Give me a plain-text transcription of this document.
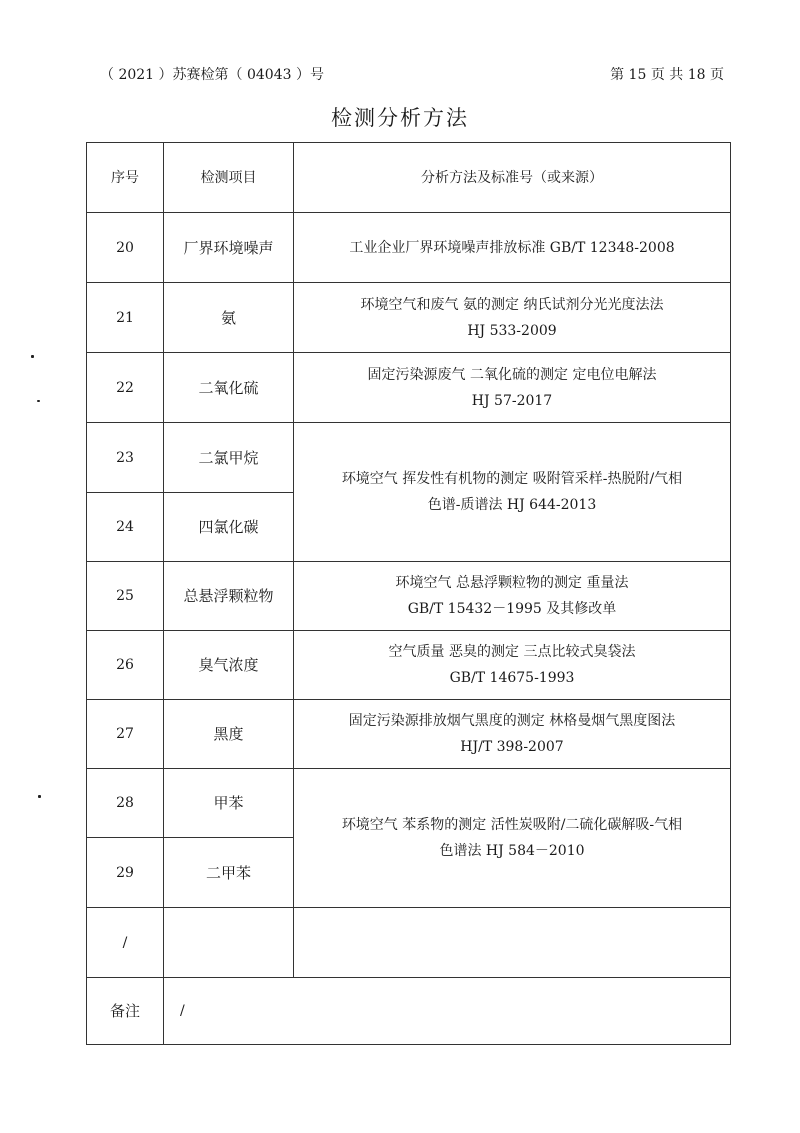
（ 2021 ）苏赛检第（ 04043 ）号	第 15 页 共 18 页
检测分析方法
序号	检测项目	分析方法及标准号（或来源）
20	厂界环境噪声	工业企业厂界环境噪声排放标准 GB/T 12348-2008

21	氨	环境空气和废气 氨的测定 纳氏试剂分光光度法法
HJ 533-2009

22	二氧化硫	固定污染源废气 二氧化硫的测定 定电位电解法
HJ 57-2017

23	二氯甲烷	环境空气 挥发性有机物的测定 吸附管采样-热脱附/气相
色谱-质谱法 HJ 644-2013

24	四氯化碳	
25	总悬浮颗粒物	环境空气 总悬浮颗粒物的测定 重量法
GB/T 15432－1995 及其修改单

26	臭气浓度	空气质量 恶臭的测定 三点比较式臭袋法
GB/T 14675-1993

27	黑度	固定污染源排放烟气黑度的测定 林格曼烟气黑度图法
HJ/T 398-2007

28	甲苯	环境空气 苯系物的测定 活性炭吸附/二硫化碳解吸-气相
色谱法 HJ 584－2010

29	二甲苯	
/		

备注	/	
